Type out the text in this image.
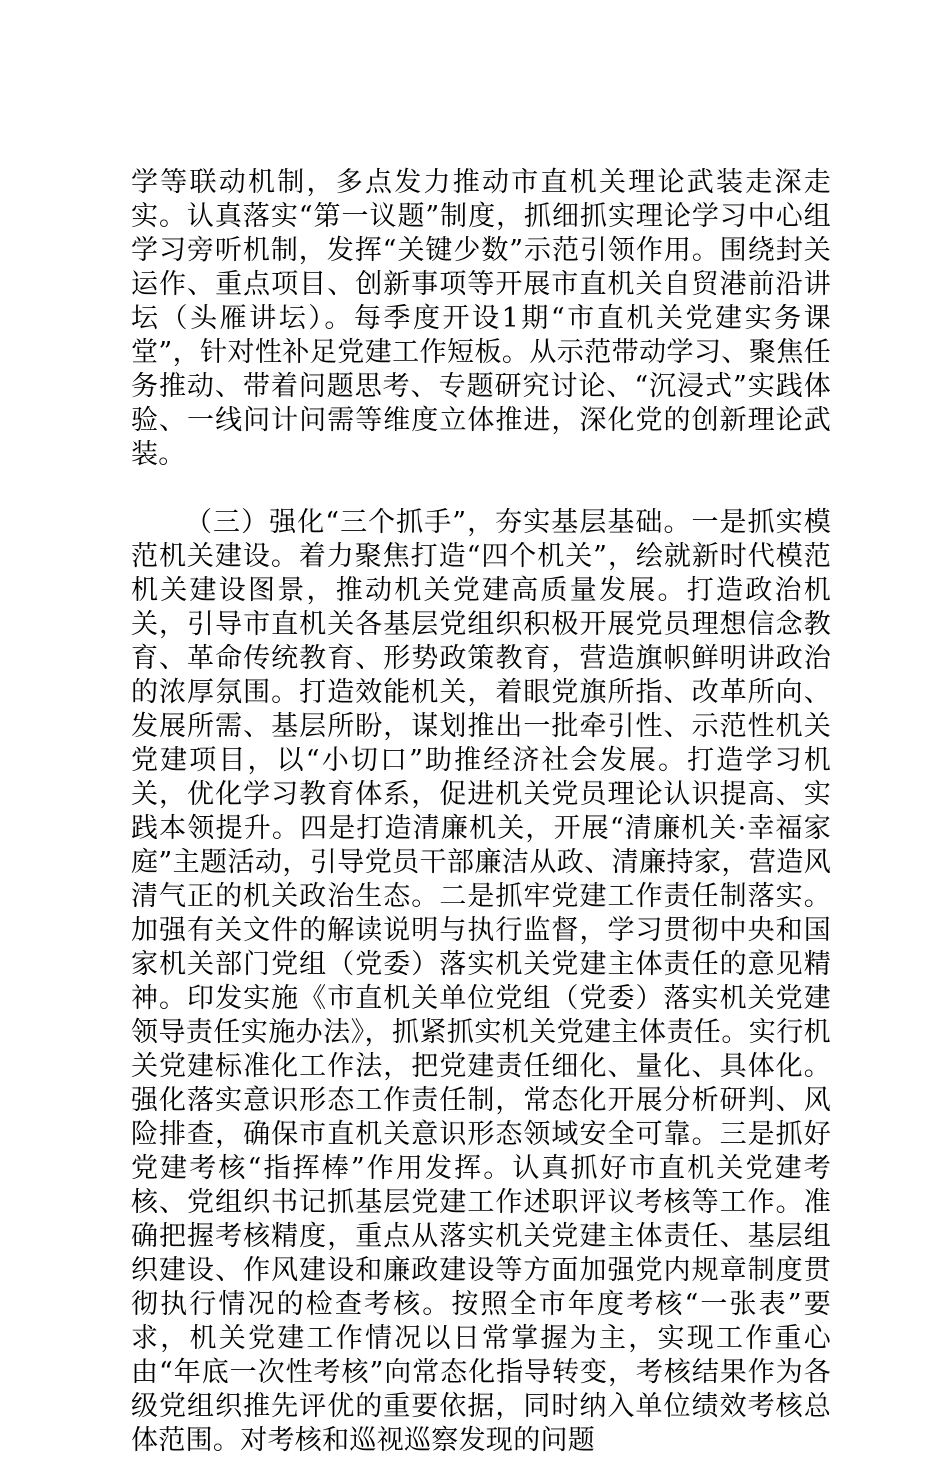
学等联动机制，多点发力推动市直机关理论武装走深走实。认真落实“第一议题”制度，抓细抓实理论学习中心组学习旁听机制，发挥“关键少数”示范引领作用。围绕封关运作、重点项目、创新事项等开展市直机关自贸港前沿讲坛（头雁讲坛）。每季度开设1期“市直机关党建实务课堂”，针对性补足党建工作短板。从示范带动学习、聚焦任务推动、带着问题思考、专题研究讨论、“沉浸式”实践体验、一线问计问需等维度立体推进，深化党的创新理论武装。

（三）强化“三个抓手”，夯实基层基础。一是抓实模范机关建设。着力聚焦打造“四个机关”，绘就新时代模范机关建设图景，推动机关党建高质量发展。打造政治机关，引导市直机关各基层党组织积极开展党员理想信念教育、革命传统教育、形势政策教育，营造旗帜鲜明讲政治的浓厚氛围。打造效能机关，着眼党旗所指、改革所向、发展所需、基层所盼，谋划推出一批牵引性、示范性机关党建项目，以“小切口”助推经济社会发展。打造学习机关，优化学习教育体系，促进机关党员理论认识提高、实践本领提升。四是打造清廉机关，开展“清廉机关·幸福家庭”主题活动，引导党员干部廉洁从政、清廉持家，营造风清气正的机关政治生态。二是抓牢党建工作责任制落实。加强有关文件的解读说明与执行监督，学习贯彻中央和国家机关部门党组（党委）落实机关党建主体责任的意见精神。印发实施《市直机关单位党组（党委）落实机关党建领导责任实施办法》，抓紧抓实机关党建主体责任。实行机关党建标准化工作法，把党建责任细化、量化、具体化。强化落实意识形态工作责任制，常态化开展分析研判、风险排查，确保市直机关意识形态领域安全可靠。三是抓好党建考核“指挥棒”作用发挥。认真抓好市直机关党建考核、党组织书记抓基层党建工作述职评议考核等工作。准确把握考核精度，重点从落实机关党建主体责任、基层组织建设、作风建设和廉政建设等方面加强党内规章制度贯彻执行情况的检查考核。按照全市年度考核“一张表”要求，机关党建工作情况以日常掌握为主，实现工作重心由“年底一次性考核”向常态化指导转变，考核结果作为各级党组织推先评优的重要依据，同时纳入单位绩效考核总体范围。对考核和巡视巡察发现的问题
